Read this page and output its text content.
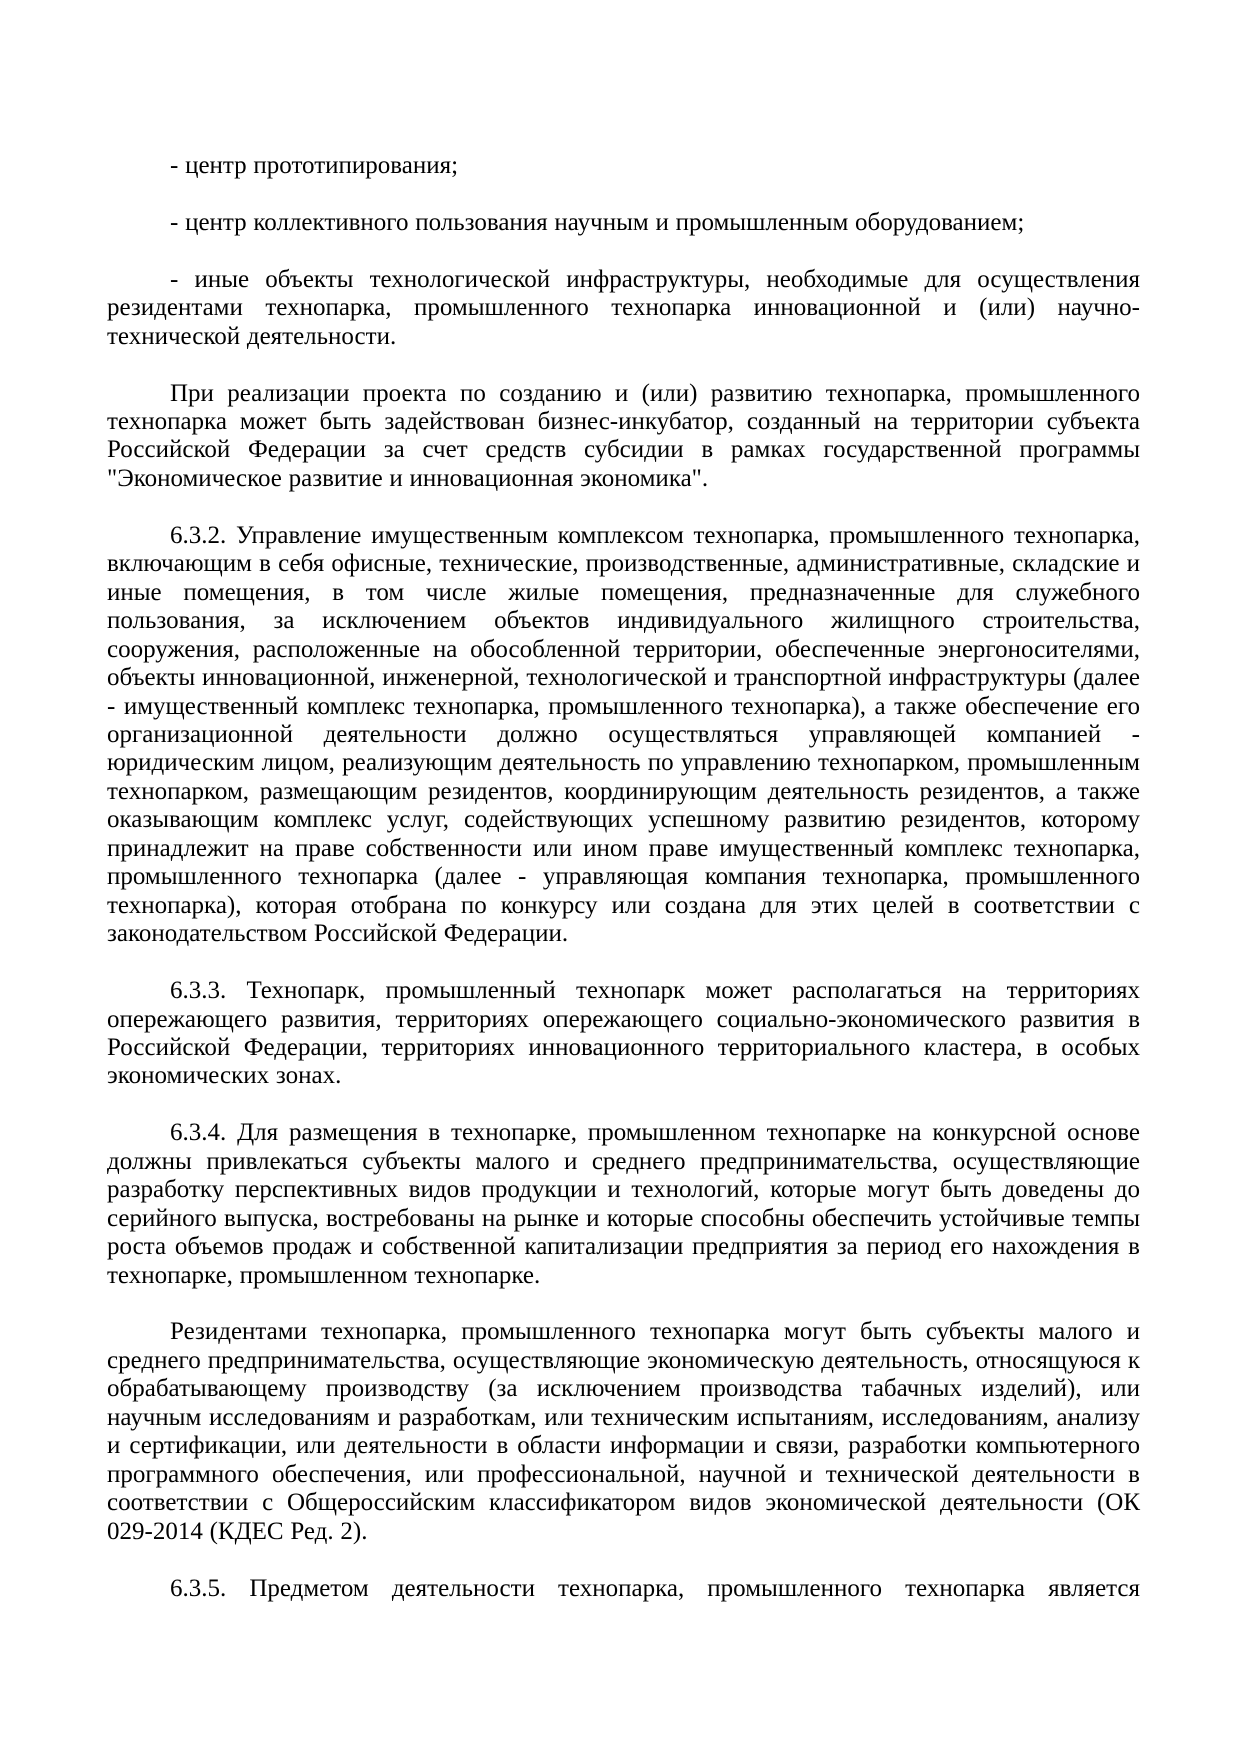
- центр прототипирования;

- центр коллективного пользования научным и промышленным оборудованием;

- иные объекты технологической инфраструктуры, необходимые для осуществления резидентами технопарка, промышленного технопарка инновационной и (или) научно-технической деятельности.

При реализации проекта по созданию и (или) развитию технопарка, промышленного технопарка может быть задействован бизнес-инкубатор, созданный на территории субъекта Российской Федерации за счет средств субсидии в рамках государственной программы "Экономическое развитие и инновационная экономика".

6.3.2. Управление имущественным комплексом технопарка, промышленного технопарка, включающим в себя офисные, технические, производственные, административные, складские и иные помещения, в том числе жилые помещения, предназначенные для служебного пользования, за исключением объектов индивидуального жилищного строительства, сооружения, расположенные на обособленной территории, обеспеченные энергоносителями, объекты инновационной, инженерной, технологической и транспортной инфраструктуры (далее - имущественный комплекс технопарка, промышленного технопарка), а также обеспечение его организационной деятельности должно осуществляться управляющей компанией - юридическим лицом, реализующим деятельность по управлению технопарком, промышленным технопарком, размещающим резидентов, координирующим деятельность резидентов, а также оказывающим комплекс услуг, содействующих успешному развитию резидентов, которому принадлежит на праве собственности или ином праве имущественный комплекс технопарка, промышленного технопарка (далее - управляющая компания технопарка, промышленного технопарка), которая отобрана по конкурсу или создана для этих целей в соответствии с законодательством Российской Федерации.

6.3.3. Технопарк, промышленный технопарк может располагаться на территориях опережающего развития, территориях опережающего социально-экономического развития в Российской Федерации, территориях инновационного территориального кластера, в особых экономических зонах.

6.3.4. Для размещения в технопарке, промышленном технопарке на конкурсной основе должны привлекаться субъекты малого и среднего предпринимательства, осуществляющие разработку перспективных видов продукции и технологий, которые могут быть доведены до серийного выпуска, востребованы на рынке и которые способны обеспечить устойчивые темпы роста объемов продаж и собственной капитализации предприятия за период его нахождения в технопарке, промышленном технопарке.

Резидентами технопарка, промышленного технопарка могут быть субъекты малого и среднего предпринимательства, осуществляющие экономическую деятельность, относящуюся к обрабатывающему производству (за исключением производства табачных изделий), или научным исследованиям и разработкам, или техническим испытаниям, исследованиям, анализу и сертификации, или деятельности в области информации и связи, разработки компьютерного программного обеспечения, или профессиональной, научной и технической деятельности в соответствии с Общероссийским классификатором видов экономической деятельности (ОК 029-2014 (КДЕС Ред. 2).

6.3.5. Предметом деятельности технопарка, промышленного технопарка является
